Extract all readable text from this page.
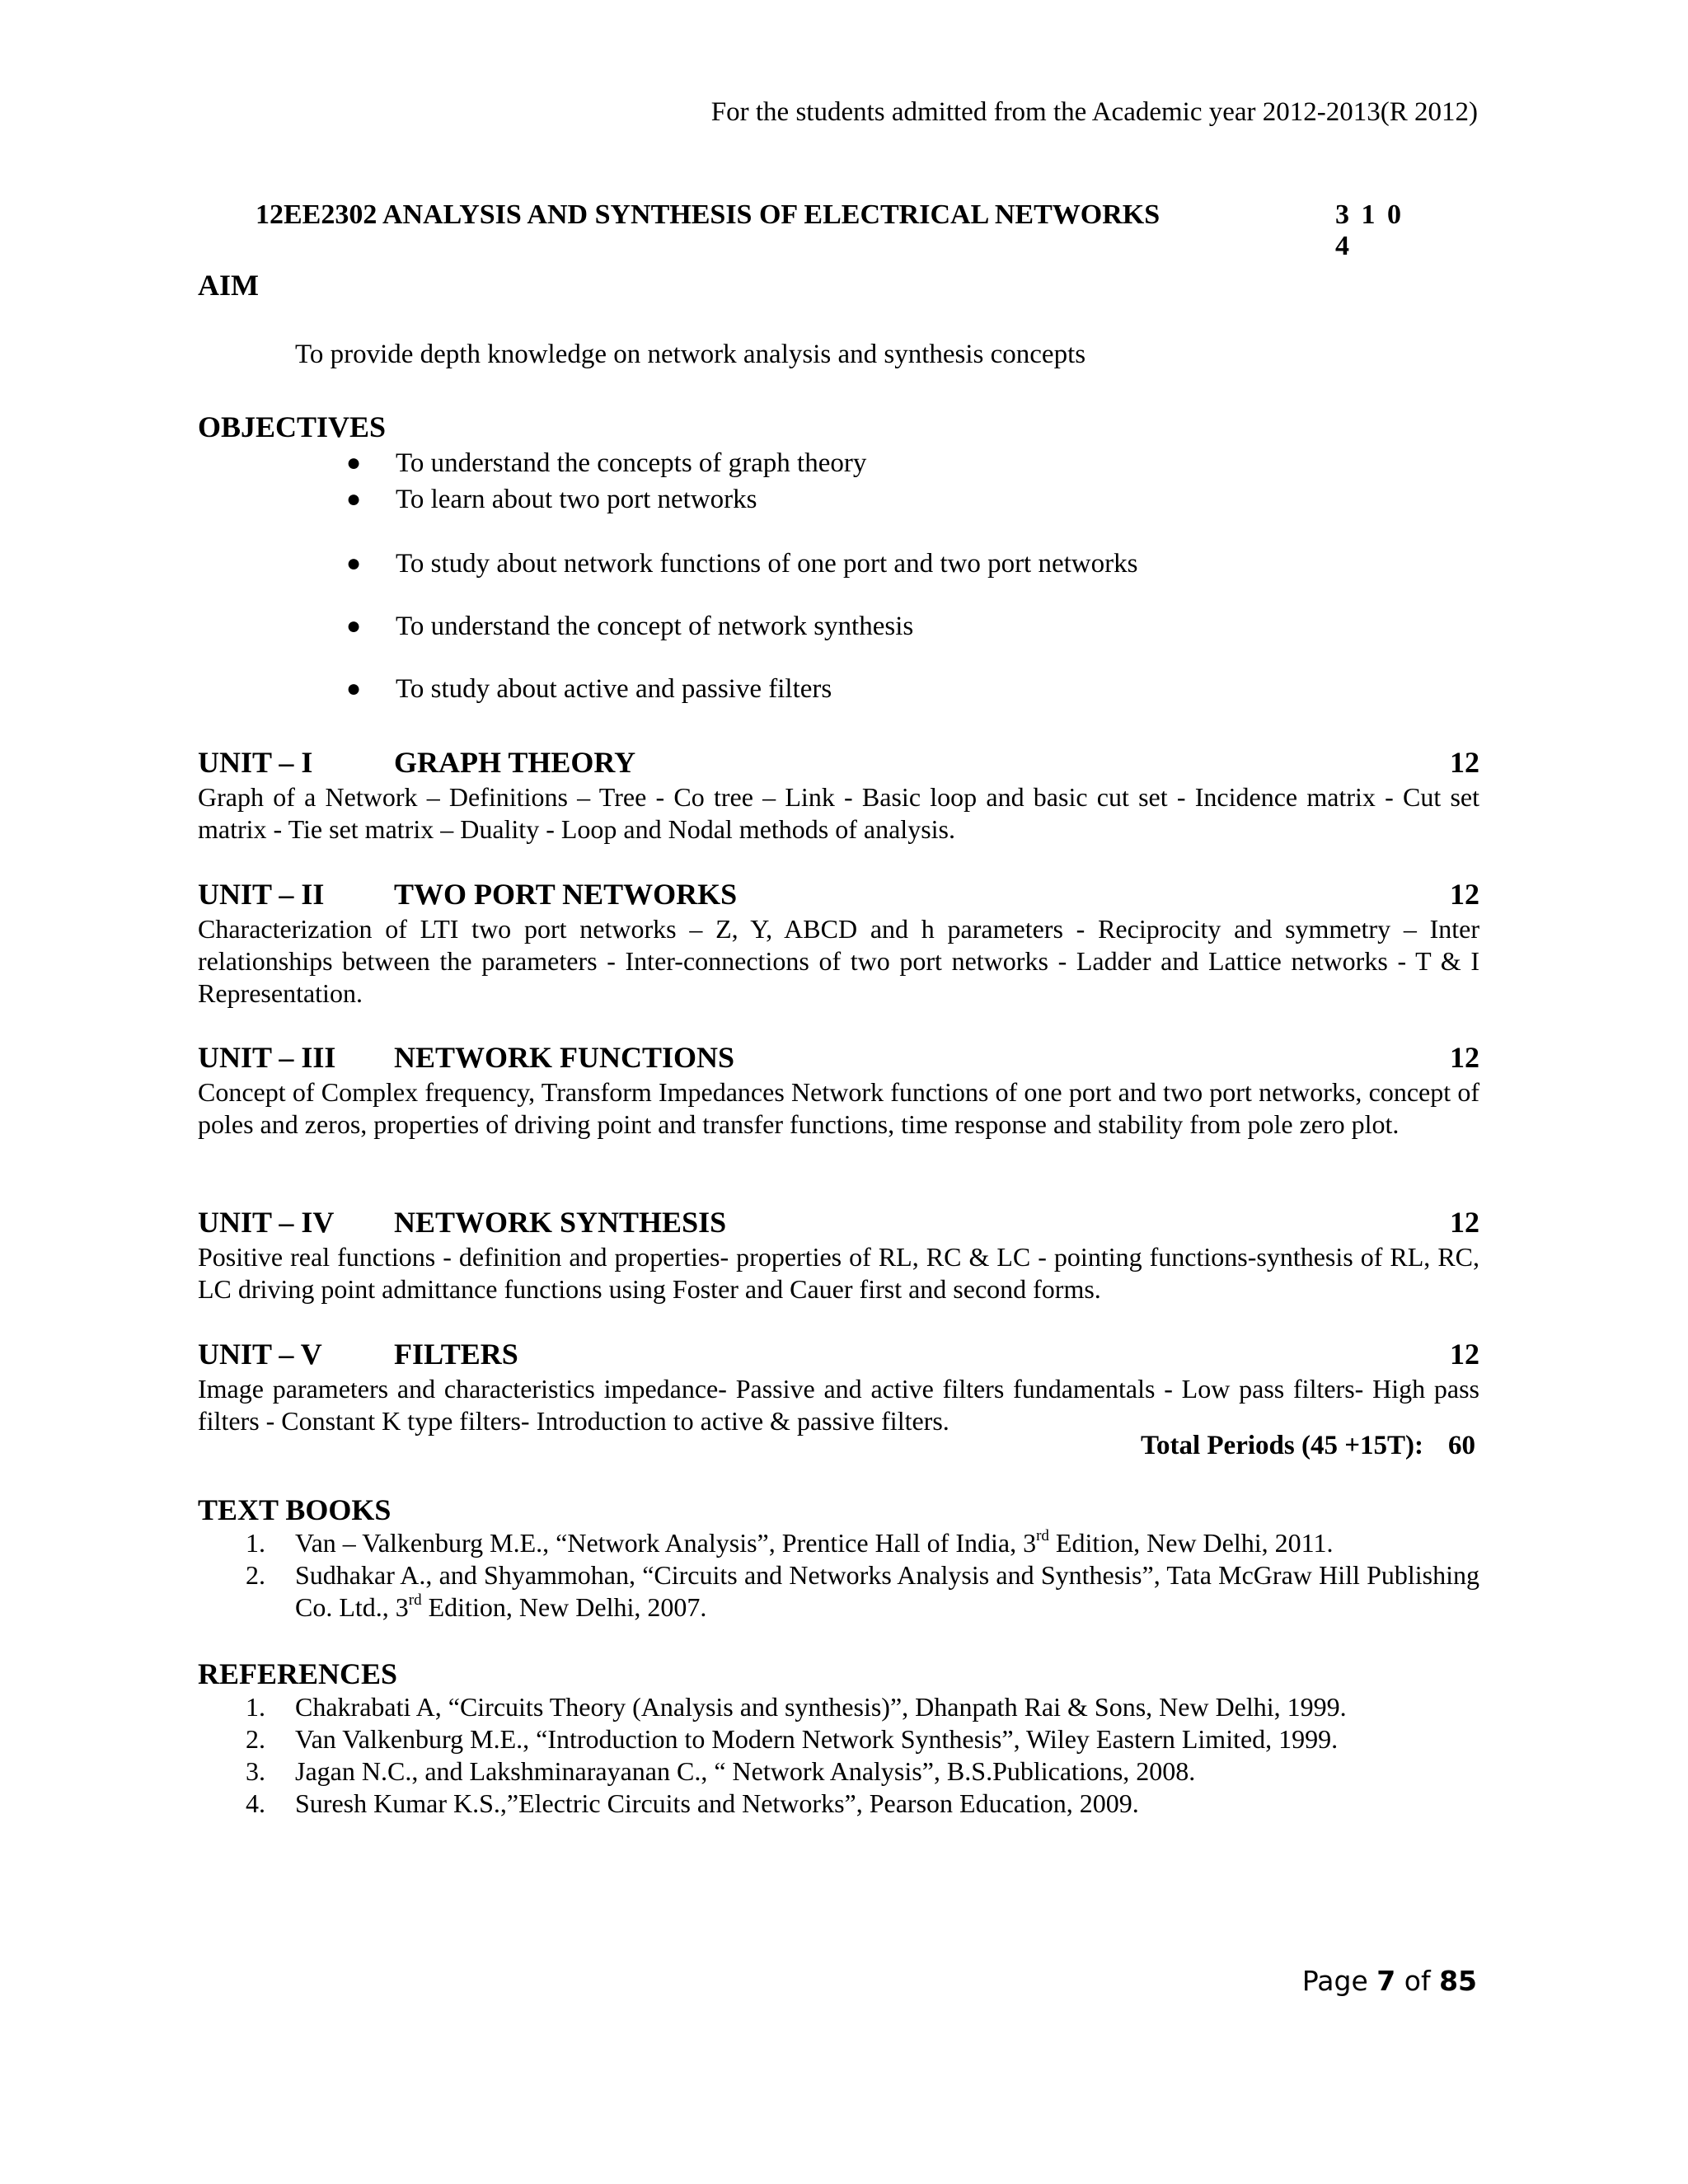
For the students admitted from the Academic year 2012-2013(R 2012)
12EE2302 ANALYSIS AND SYNTHESIS OF ELECTRICAL NETWORKS	3 1 0 4
AIM
To provide depth knowledge on network analysis and synthesis concepts
OBJECTIVES
● To understand the concepts of graph theory
● To learn about two port networks
● To study about network functions of one port and two port networks
● To understand the concept of network synthesis
● To study about active and passive filters
UNIT – I	GRAPH THEORY	12

Graph of a Network – Definitions – Tree - Co tree – Link - Basic loop and basic cut set - Incidence matrix - Cut set matrix - Tie set matrix – Duality - Loop and Nodal methods of analysis.

UNIT – II TWO PORT NETWORKS	12

Characterization of LTI two port networks – Z, Y, ABCD and h parameters - Reciprocity and symmetry – Inter relationships between the parameters - Inter-connections of two port networks - Ladder and Lattice networks - T & I Representation.

UNIT – III NETWORK FUNCTIONS	12

Concept of Complex frequency, Transform Impedances Network functions of one port and two port networks, concept of poles and zeros, properties of driving point and transfer functions, time response and stability from pole zero plot.

UNIT – IV NETWORK SYNTHESIS	12

Positive real functions - definition and properties- properties of RL, RC & LC - pointing functions-synthesis of RL, RC, LC driving point admittance functions using Foster and Cauer first and second forms.

UNIT – V FILTERS	12

Image parameters and characteristics impedance- Passive and active filters fundamentals - Low pass filters- High pass filters - Constant K type filters- Introduction to active & passive filters.

Total Periods (45 +15T): 60
TEXT BOOKS
1. Van – Valkenburg M.E., “Network Analysis”, Prentice Hall of India, 3rd Edition, New Delhi, 2011.
2. Sudhakar A., and Shyammohan, “Circuits and Networks Analysis and Synthesis”, Tata McGraw Hill Publishing Co. Ltd., 3rd Edition, New Delhi, 2007.
REFERENCES
1. Chakrabati A, “Circuits Theory (Analysis and synthesis)”, Dhanpath Rai & Sons, New Delhi, 1999.
2. Van Valkenburg M.E., “Introduction to Modern Network Synthesis”, Wiley Eastern Limited, 1999.
3. Jagan N.C., and Lakshminarayanan C., “ Network Analysis”, B.S.Publications, 2008.
4. Suresh Kumar K.S.,”Electric Circuits and Networks”, Pearson Education, 2009.
Page 7 of 85
